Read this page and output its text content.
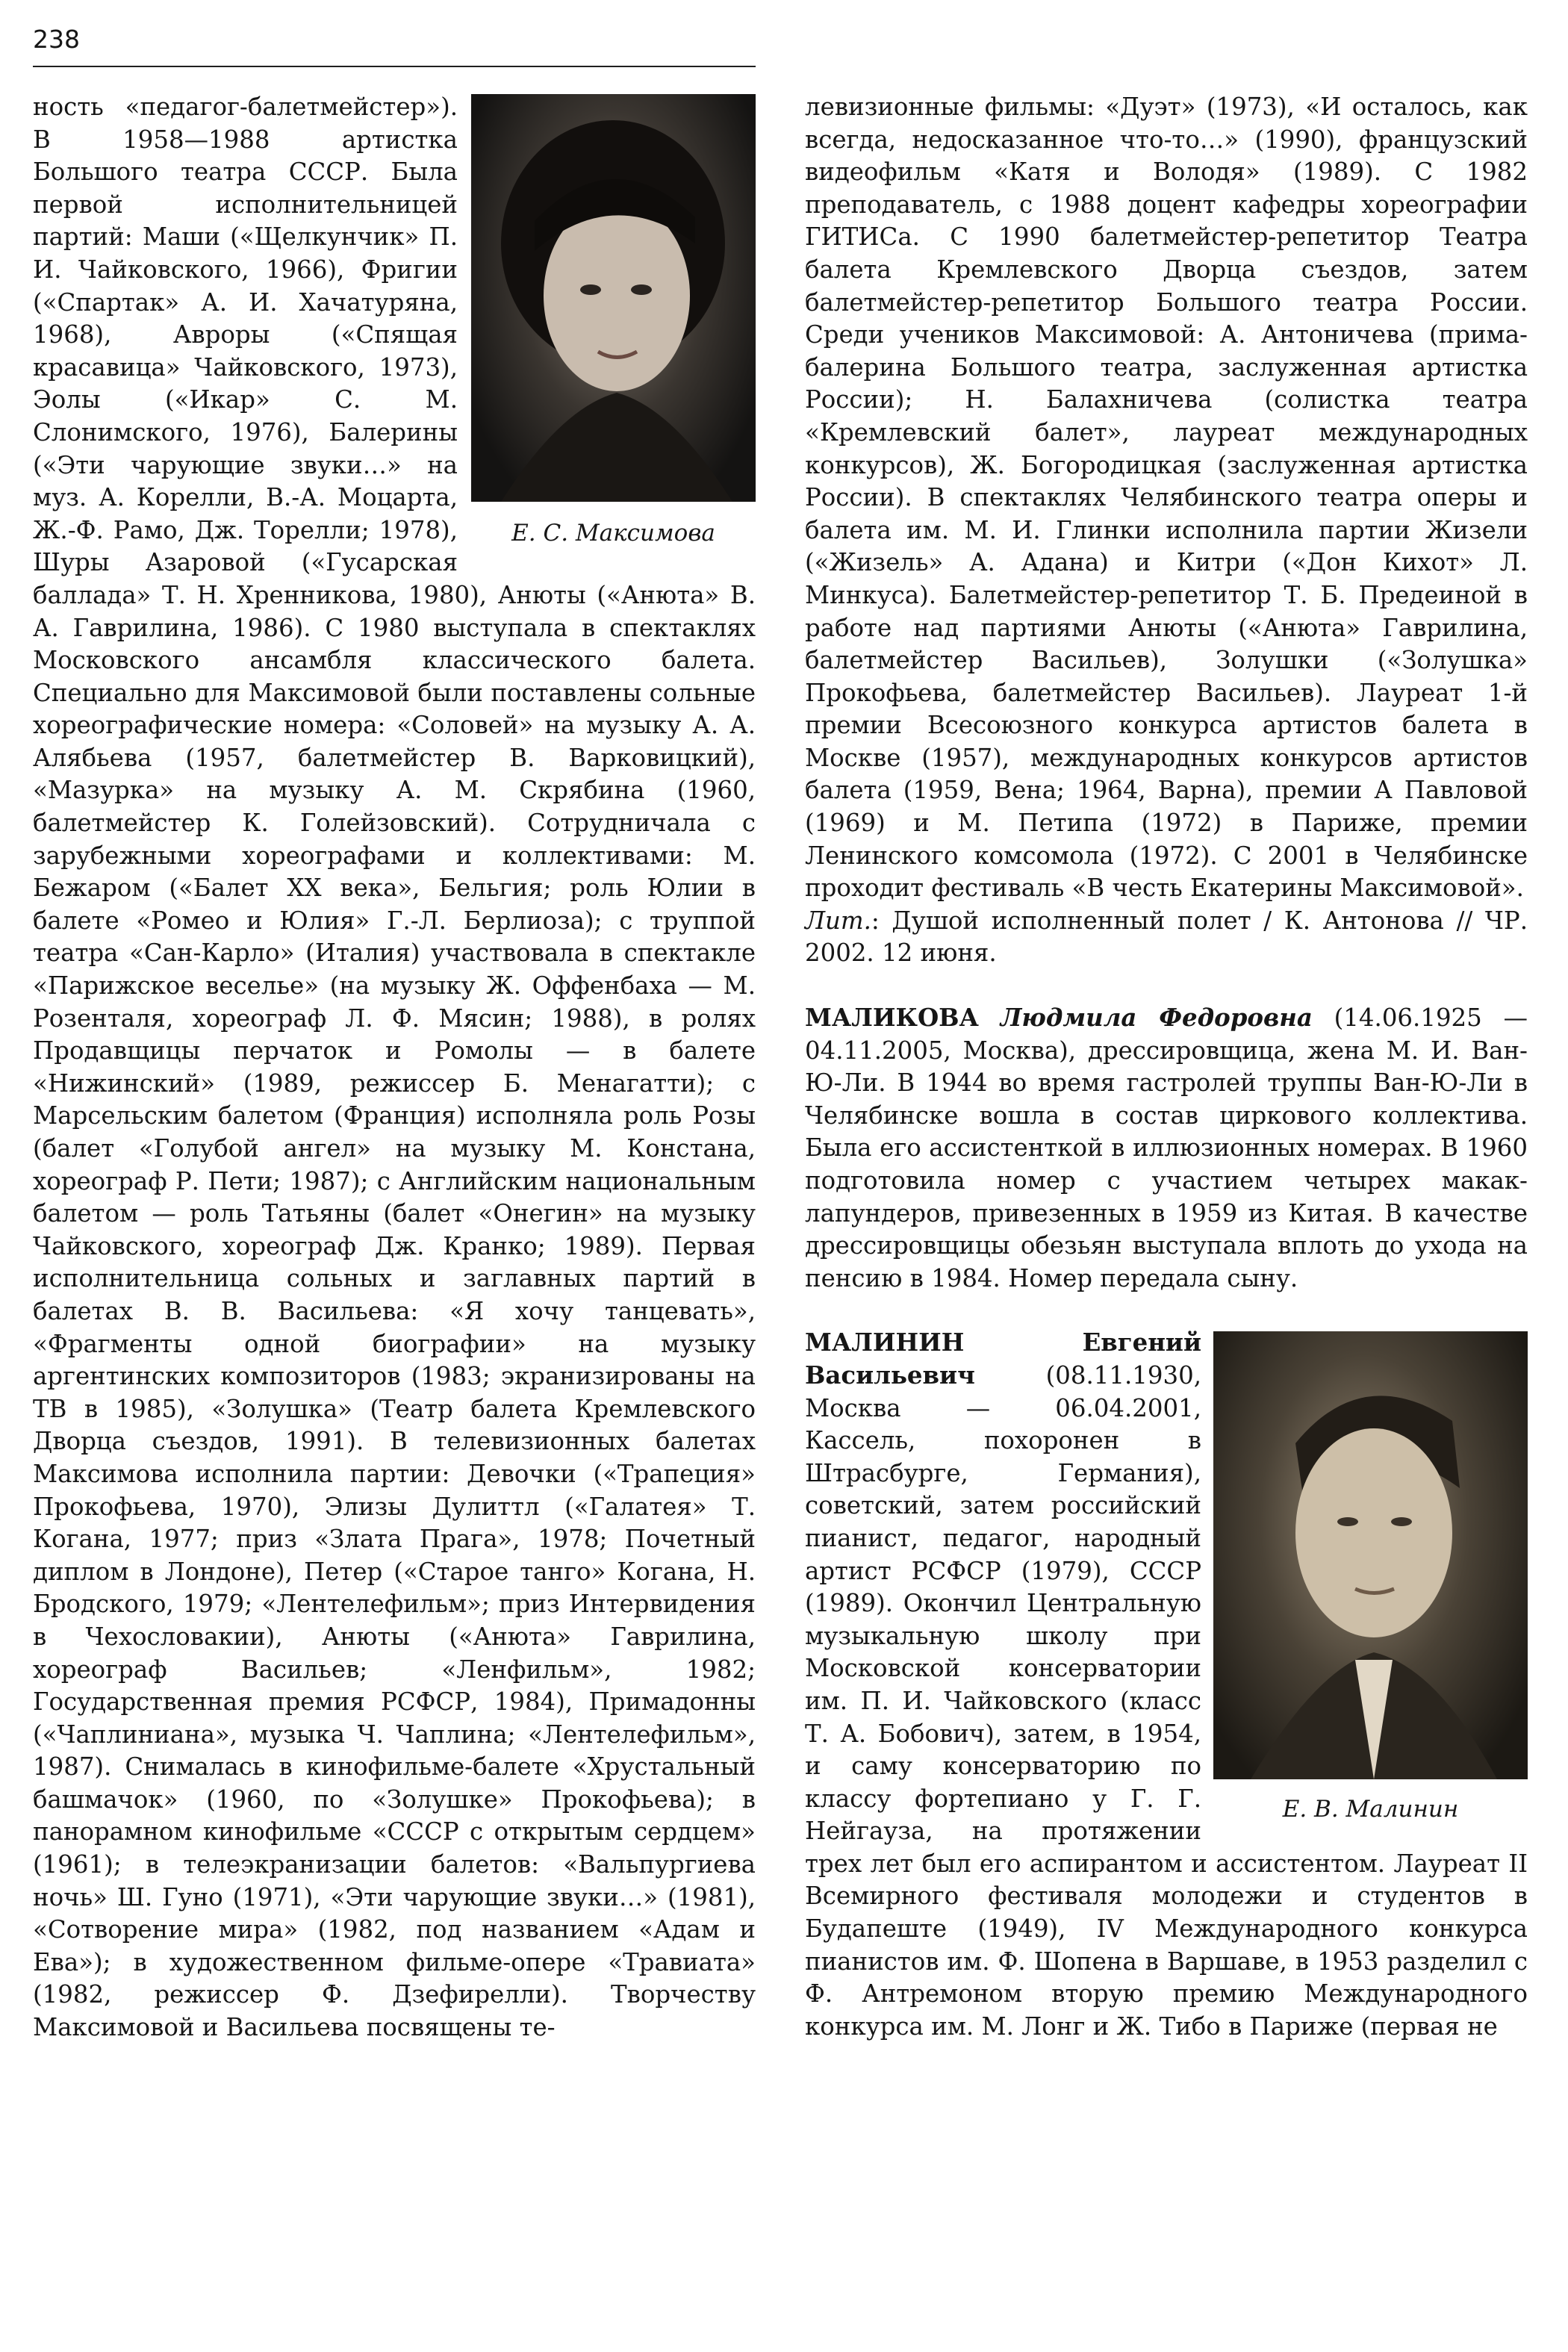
238
Е. С. Максимова

ность «педагог-балетмейстер»). В 1958—1988 артистка Большого театра СССР. Была первой исполнительницей партий: Маши («Щелкунчик» П. И. Чайковского, 1966), Фригии («Спартак» А. И. Хачатуряна, 1968), Авроры («Спящая красавица» Чайковского, 1973), Эолы («Икар» С. М. Слонимского, 1976), Балерины («Эти чарующие звуки…» на муз. А. Корелли, В.-А. Моцарта, Ж.-Ф. Рамо, Дж. Торелли; 1978), Шуры Азаровой («Гусарская баллада» Т. Н. Хренникова, 1980), Анюты («Анюта» В. А. Гаврилина, 1986). С 1980 выступала в спектаклях Московского ансамбля классического балета. Специально для Максимовой были поставлены сольные хореографические номера: «Соловей» на музыку А. А. Алябьева (1957, балетмейстер В. Варковицкий), «Мазурка» на музыку А. М. Скрябина (1960, балетмейстер К. Голейзовский). Сотрудничала с зарубежными хореографами и коллективами: М. Бежаром («Балет XX века», Бельгия; роль Юлии в балете «Ромео и Юлия» Г.-Л. Берлиоза); с труппой театра «Сан-Карло» (Италия) участвовала в спектакле «Парижское веселье» (на музыку Ж. Оффенбаха — М. Розенталя, хореограф Л. Ф. Мясин; 1988), в ролях Продавщицы перчаток и Ромолы — в балете «Нижинский» (1989, режиссер Б. Менагатти); с Марсельским балетом (Франция) исполняла роль Розы (балет «Голубой ангел» на музыку М. Констана, хореограф Р. Пети; 1987); с Английским национальным балетом — роль Татьяны (балет «Онегин» на музыку Чайковского, хореограф Дж. Кранко; 1989). Первая исполнительница сольных и заглавных партий в балетах В. В. Васильева: «Я хочу танцевать», «Фрагменты одной биографии» на музыку аргентинских композиторов (1983; экранизированы на ТВ в 1985), «Золушка» (Театр балета Кремлевского Дворца съездов, 1991). В телевизионных балетах Максимова исполнила партии: Девочки («Трапеция» Прокофьева, 1970), Элизы Дулиттл («Галатея» Т. Когана, 1977; приз «Злата Прага», 1978; Почетный диплом в Лондоне), Петер («Старое танго» Когана, Н. Бродского, 1979; «Лентелефильм»; приз Интервидения в Чехословакии), Анюты («Анюта» Гаврилина, хореограф Васильев; «Ленфильм», 1982; Государственная премия РСФСР, 1984), Примадонны («Чаплиниана», музыка Ч. Чаплина; «Лентелефильм», 1987). Снималась в кинофильме-балете «Хрустальный башмачок» (1960, по «Золушке» Прокофьева); в панорамном кинофильме «СССР с открытым сердцем» (1961); в телеэкранизации балетов: «Вальпургиева ночь» Ш. Гуно (1971), «Эти чарующие звуки…» (1981), «Сотворение мира» (1982, под названием «Адам и Ева»); в художественном фильме-опере «Травиата» (1982, режиссер Ф. Дзефирелли). Творчеству Максимовой и Васильева посвящены те-

левизионные фильмы: «Дуэт» (1973), «И осталось, как всегда, недосказанное что-то…» (1990), французский видеофильм «Катя и Володя» (1989). С 1982 преподаватель, с 1988 доцент кафедры хореографии ГИТИСа. С 1990 балетмейстер-репетитор Театра балета Кремлевского Дворца съездов, затем балетмейстер-репетитор Большого театра России. Среди учеников Максимовой: А. Антоничева (прима-балерина Большого театра, заслуженная артистка России); Н. Балахничева (солистка театра «Кремлевский балет», лауреат международных конкурсов), Ж. Богородицкая (заслуженная артистка России). В спектаклях Челябинского театра оперы и балета им. М. И. Глинки исполнила партии Жизели («Жизель» А. Адана) и Китри («Дон Кихот» Л. Минкуса). Балетмейстер-репетитор Т. Б. Предеиной в работе над партиями Анюты («Анюта» Гаврилина, балетмейстер Васильев), Золушки («Золушка» Прокофьева, балетмейстер Васильев). Лауреат 1-й премии Всесоюзного конкурса артистов балета в Москве (1957), международных конкурсов артистов балета (1959, Вена; 1964, Варна), премии А Павловой (1969) и М. Петипа (1972) в Париже, премии Ленинского комсомола (1972). С 2001 в Челябинске проходит фестиваль «В честь Екатерины Максимовой».

Лит.: Душой исполненный полет / К. Антонова // ЧР. 2002. 12 июня.

МАЛИКОВА Людмила Федоровна (14.06.1925 — 04.11.2005, Москва), дрессировщица, жена М. И. Ван-Ю-Ли. В 1944 во время гастролей труппы Ван-Ю-Ли в Челябинске вошла в состав циркового коллектива. Была его ассистенткой в иллюзионных номерах. В 1960 подготовила номер с участием четырех макак-лапундеров, привезенных в 1959 из Китая. В качестве дрессировщицы обезьян выступала вплоть до ухода на пенсию в 1984. Номер передала сыну.

Е. В. Малинин

МАЛИНИН	Евгений Васильевич (08.11.1930, Москва — 06.04.2001, Кассель, похоронен в Штрасбурге, Германия), советский, затем российский пианист, педагог, народный артист РСФСР (1979), СССР (1989). Окончил Центральную музыкальную школу при Московской консерватории им. П. И. Чайковского (класс Т. А. Бобович), затем, в 1954, и саму консерваторию по классу фортепиано у Г. Г. Нейгауза, на протяжении трех лет был его аспирантом и ассистентом. Лауреат II Всемирного фестиваля молодежи и студентов в Будапеште (1949), IV Международного конкурса пианистов им. Ф. Шопена в Варшаве, в 1953 разделил с Ф. Антремоном вторую премию Международного конкурса им. М. Лонг и Ж. Тибо в Париже (первая не
